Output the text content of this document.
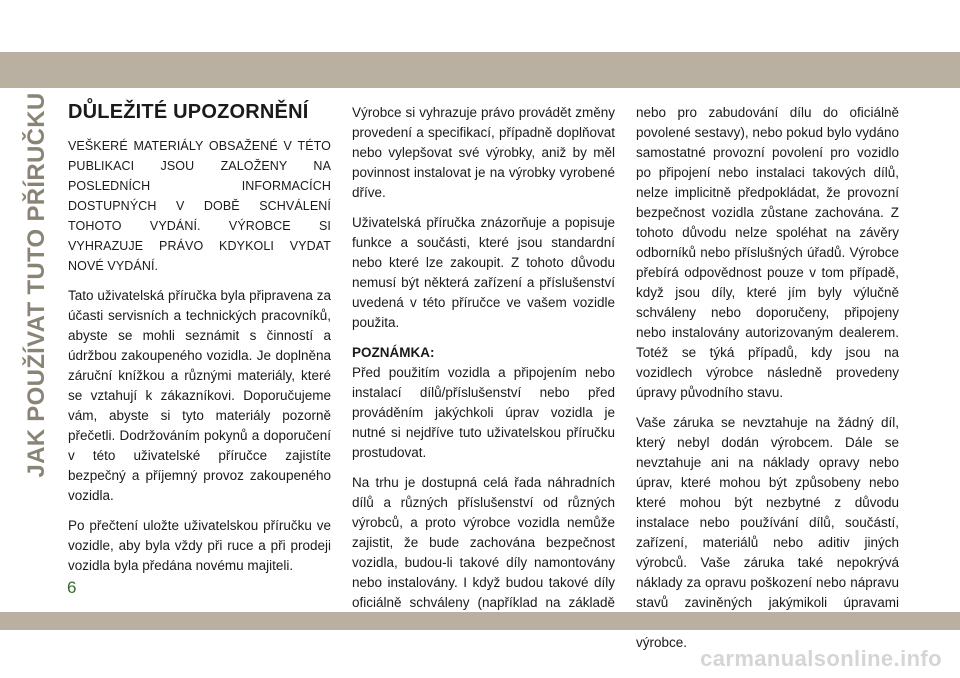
JAK POUŽÍVAT TUTO PŘÍRUČKU DŮLEŽITÉ UPOZORNĚNÍ

VEŠKERÉ MATERIÁLY OBSAŽENÉ V TÉTO PUBLIKACI JSOU ZALOŽENY NA POSLEDNÍCH INFORMACÍCH DOSTUPNÝCH V DOBĚ SCHVÁLENÍ TOHOTO VYDÁNÍ. VÝROBCE SI VYHRAZUJE PRÁVO KDYKOLI VYDAT NOVÉ VYDÁNÍ.

Tato uživatelská příručka byla připravena za účasti servisních a technických pracovníků, abyste se mohli seznámit s činností a údržbou zakoupeného vozidla. Je doplněna záruční knížkou a různými materiály, které se vztahují k zákazníkovi. Doporučujeme vám, abyste si tyto materiály pozorně přečetli. Dodržováním pokynů a doporučení v této uživatelské příručce zajistíte bezpečný a příjemný provoz zakoupeného vozidla.

Po přečtení uložte uživatelskou příručku ve vozidle, aby byla vždy při ruce a při prodeji vozidla byla předána novému majiteli.

Výrobce si vyhrazuje právo provádět změny provedení a specifikací, případně doplňovat nebo vylepšovat své výrobky, aniž by měl povinnost instalovat je na výrobky vyrobené dříve.

Uživatelská příručka znázorňuje a popisuje funkce a součásti, které jsou standardní nebo které lze zakoupit. Z tohoto důvodu nemusí být některá zařízení a příslušenství uvedená v této příručce ve vašem vozidle použita.

POZNÁMKA:
Před použitím vozidla a připojením nebo instalací dílů/příslušenství nebo před prováděním jakýchkoli úprav vozidla je nutné si nejdříve tuto uživatelskou příručku prostudovat.

Na trhu je dostupná celá řada náhradních dílů a různých příslušenství od různých výrobců, a proto výrobce vozidla nemůže zajistit, že bude zachována bezpečnost vozidla, budou-li takové díly namontovány nebo instalovány. I když budou takové díly oficiálně schváleny (například na základě

nebo pro zabudování dílu do oficiálně povolené sestavy), nebo pokud bylo vydáno samostatné provozní povolení pro vozidlo po připojení nebo instalaci takových dílů, nelze implicitně předpokládat, že provozní bezpečnost vozidla zůstane zachována. Z tohoto důvodu nelze spoléhat na závěry odborníků nebo příslušných úřadů. Výrobce přebírá odpovědnost pouze v tom případě, když jsou díly, které jím byly výlučně schváleny nebo doporučeny, připojeny nebo instalovány autorizovaným dealerem. Totéž se týká případů, kdy jsou na vozidlech výrobce následně provedeny úpravy původního stavu.

Vaše záruka se nevztahuje na žádný díl, který nebyl dodán výrobcem. Dále se nevztahuje ani na náklady opravy nebo úprav, které mohou být způsobeny nebo které mohou být nezbytné z důvodu instalace nebo používání dílů, součástí, zařízení, materiálů nebo aditiv jiných výrobců. Vaše záruka také nepokrývá náklady za opravu poškození nebo nápravu stavů zaviněných jakýmikoli úpravami výrobce.

6
carmanualsonline.info
